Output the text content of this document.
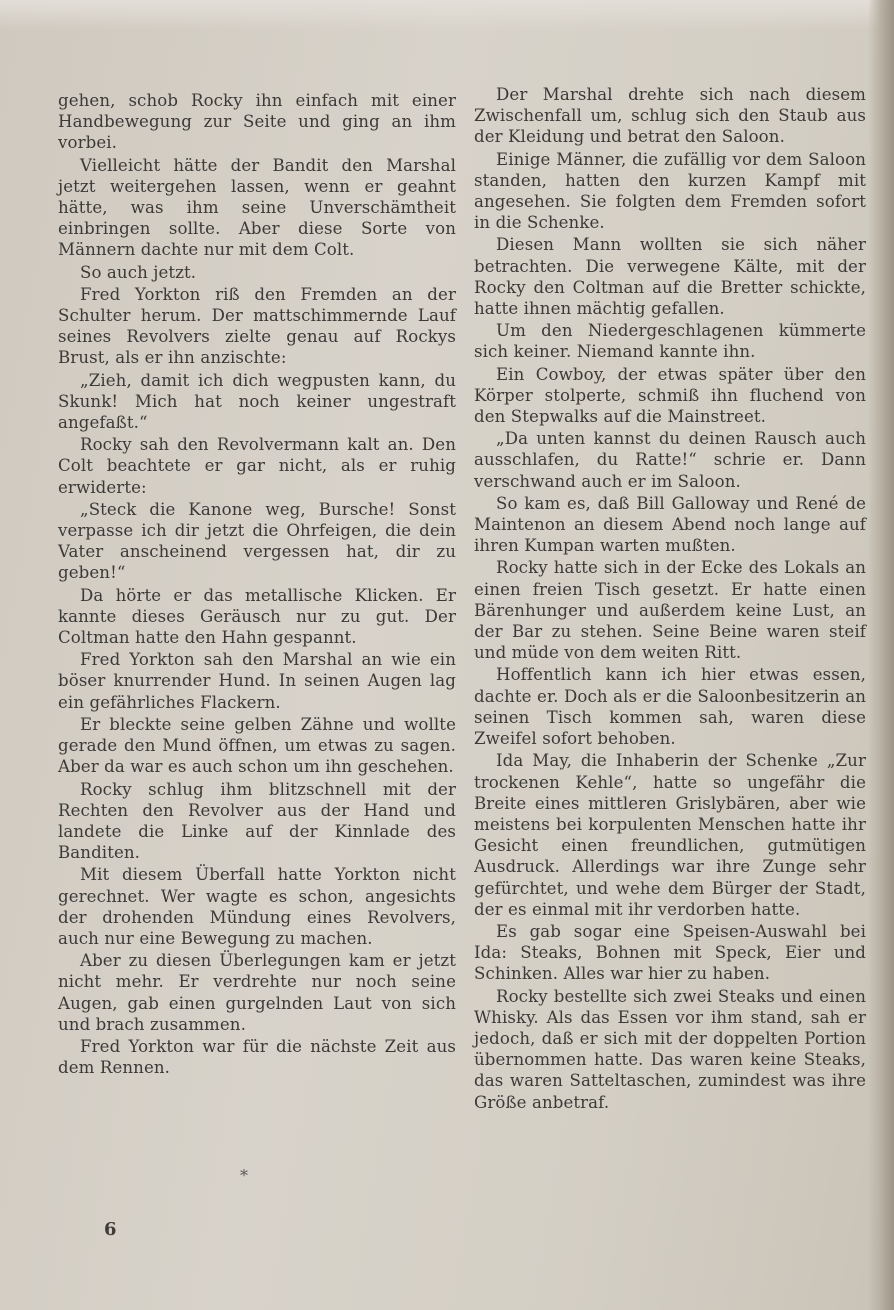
gehen, schob Rocky ihn einfach mit einer Handbewegung zur Seite und ging an ihm vorbei.

Vielleicht hätte der Bandit den Marshal jetzt weitergehen lassen, wenn er geahnt hätte, was ihm seine Unverschämtheit einbringen sollte. Aber diese Sorte von Männern dachte nur mit dem Colt.

So auch jetzt.

Fred Yorkton riß den Fremden an der Schulter herum. Der mattschimmernde Lauf seines Revolvers zielte genau auf Rockys Brust, als er ihn anzischte:

„Zieh, damit ich dich wegpusten kann, du Skunk! Mich hat noch keiner ungestraft angefaßt.“

Rocky sah den Revolvermann kalt an. Den Colt beachtete er gar nicht, als er ruhig erwiderte:

„Steck die Kanone weg, Bursche! Sonst verpasse ich dir jetzt die Ohrfeigen, die dein Vater anscheinend vergessen hat, dir zu geben!“

Da hörte er das metallische Klicken. Er kannte dieses Geräusch nur zu gut. Der Coltman hatte den Hahn gespannt.

Fred Yorkton sah den Marshal an wie ein böser knurrender Hund. In seinen Augen lag ein gefährliches Flackern.

Er bleckte seine gelben Zähne und wollte gerade den Mund öffnen, um etwas zu sagen. Aber da war es auch schon um ihn geschehen.

Rocky schlug ihm blitzschnell mit der Rechten den Revolver aus der Hand und landete die Linke auf der Kinnlade des Banditen.

Mit diesem Überfall hatte Yorkton nicht gerechnet. Wer wagte es schon, angesichts der drohenden Mündung eines Revolvers, auch nur eine Bewegung zu machen.

Aber zu diesen Überlegungen kam er jetzt nicht mehr. Er verdrehte nur noch seine Augen, gab einen gurgelnden Laut von sich und brach zusammen.

Fred Yorkton war für die nächste Zeit aus dem Rennen.

Der Marshal drehte sich nach diesem Zwischenfall um, schlug sich den Staub aus der Kleidung und betrat den Saloon.

Einige Männer, die zufällig vor dem Saloon standen, hatten den kurzen Kampf mit angesehen. Sie folgten dem Fremden sofort in die Schenke.

Diesen Mann wollten sie sich näher betrachten. Die verwegene Kälte, mit der Rocky den Coltman auf die Bretter schickte, hatte ihnen mächtig gefallen.

Um den Niedergeschlagenen kümmerte sich keiner. Niemand kannte ihn.

Ein Cowboy, der etwas später über den Körper stolperte, schmiß ihn fluchend von den Stepwalks auf die Mainstreet.

„Da unten kannst du deinen Rausch auch ausschlafen, du Ratte!“ schrie er. Dann verschwand auch er im Saloon.

So kam es, daß Bill Galloway und René de Maintenon an diesem Abend noch lange auf ihren Kumpan warten mußten.

Rocky hatte sich in der Ecke des Lokals an einen freien Tisch gesetzt. Er hatte einen Bärenhunger und außerdem keine Lust, an der Bar zu stehen. Seine Beine waren steif und müde von dem weiten Ritt.

Hoffentlich kann ich hier etwas essen, dachte er. Doch als er die Saloonbesitzerin an seinen Tisch kommen sah, waren diese Zweifel sofort behoben.

Ida May, die Inhaberin der Schenke „Zur trockenen Kehle“, hatte so ungefähr die Breite eines mittleren Grislybären, aber wie meistens bei korpulenten Menschen hatte ihr Gesicht einen freundlichen, gutmütigen Ausdruck. Allerdings war ihre Zunge sehr gefürchtet, und wehe dem Bürger der Stadt, der es einmal mit ihr verdorben hatte.

Es gab sogar eine Speisen-Auswahl bei Ida: Steaks, Bohnen mit Speck, Eier und Schinken. Alles war hier zu haben.

Rocky bestellte sich zwei Steaks und einen Whisky. Als das Essen vor ihm stand, sah er jedoch, daß er sich mit der doppelten Portion übernommen hatte. Das waren keine Steaks, das waren Satteltaschen, zumindest was ihre Größe anbetraf.

*
6
